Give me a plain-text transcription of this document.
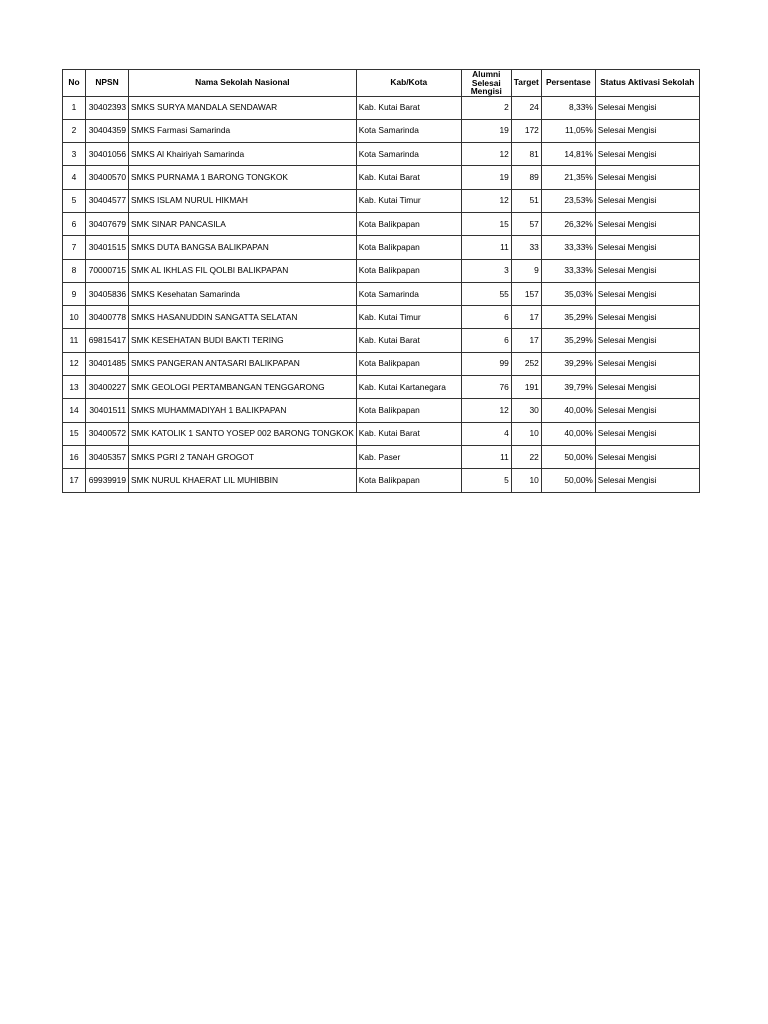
No	NPSN	Nama Sekolah Nasional	Kab/Kota	Alumni Selesai Mengisi	Target	Persentase	Status Aktivasi Sekolah
1	30402393	SMKS SURYA MANDALA SENDAWAR	Kab. Kutai Barat	2	24	8,33%	Selesai Mengisi
2	30404359	SMKS Farmasi Samarinda	Kota Samarinda	19	172	11,05%	Selesai Mengisi
3	30401056	SMKS Al Khairiyah Samarinda	Kota Samarinda	12	81	14,81%	Selesai Mengisi
4	30400570	SMKS PURNAMA 1 BARONG TONGKOK	Kab. Kutai Barat	19	89	21,35%	Selesai Mengisi
5	30404577	SMKS ISLAM NURUL HIKMAH	Kab. Kutai Timur	12	51	23,53%	Selesai Mengisi
6	30407679	SMK SINAR PANCASILA	Kota Balikpapan	15	57	26,32%	Selesai Mengisi
7	30401515	SMKS DUTA BANGSA BALIKPAPAN	Kota Balikpapan	11	33	33,33%	Selesai Mengisi
8	70000715	SMK AL IKHLAS FIL QOLBI BALIKPAPAN	Kota Balikpapan	3	9	33,33%	Selesai Mengisi
9	30405836	SMKS Kesehatan Samarinda	Kota Samarinda	55	157	35,03%	Selesai Mengisi
10	30400778	SMKS HASANUDDIN SANGATTA SELATAN	Kab. Kutai Timur	6	17	35,29%	Selesai Mengisi
11	69815417	SMK KESEHATAN BUDI BAKTI TERING	Kab. Kutai Barat	6	17	35,29%	Selesai Mengisi
12	30401485	SMKS PANGERAN ANTASARI BALIKPAPAN	Kota Balikpapan	99	252	39,29%	Selesai Mengisi
13	30400227	SMK GEOLOGI PERTAMBANGAN TENGGARONG	Kab. Kutai Kartanegara	76	191	39,79%	Selesai Mengisi
14	30401511	SMKS MUHAMMADIYAH 1 BALIKPAPAN	Kota Balikpapan	12	30	40,00%	Selesai Mengisi
15	30400572	SMK KATOLIK 1 SANTO YOSEP 002 BARONG TONGKOK	Kab. Kutai Barat	4	10	40,00%	Selesai Mengisi
16	30405357	SMKS PGRI 2 TANAH GROGOT	Kab. Paser	11	22	50,00%	Selesai Mengisi
17	69939919	SMK NURUL KHAERAT LIL MUHIBBIN	Kota Balikpapan	5	10	50,00%	Selesai Mengisi
